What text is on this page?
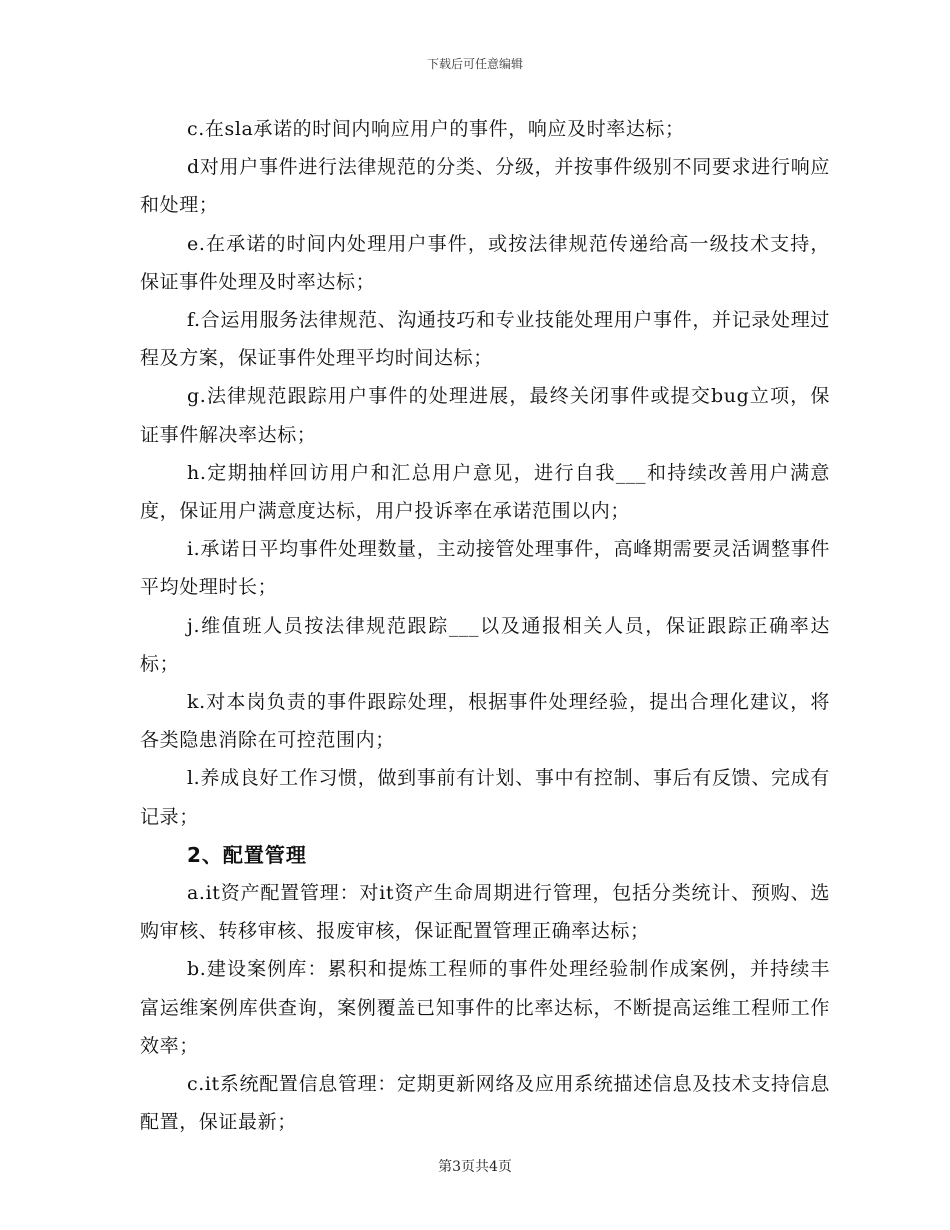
下载后可任意编辑

c.在sla承诺的时间内响应用户的事件，响应及时率达标；

d对用户事件进行法律规范的分类、分级，并按事件级别不同要求进行响应和处理；

e.在承诺的时间内处理用户事件，或按法律规范传递给高一级技术支持，保证事件处理及时率达标；

f.合运用服务法律规范、沟通技巧和专业技能处理用户事件，并记录处理过程及方案，保证事件处理平均时间达标；

g.法律规范跟踪用户事件的处理进展，最终关闭事件或提交bug立项，保证事件解决率达标；

h.定期抽样回访用户和汇总用户意见，进行自我___和持续改善用户满意度，保证用户满意度达标，用户投诉率在承诺范围以内；

i.承诺日平均事件处理数量，主动接管处理事件，高峰期需要灵活调整事件平均处理时长；

j.维值班人员按法律规范跟踪___以及通报相关人员，保证跟踪正确率达标；

k.对本岗负责的事件跟踪处理，根据事件处理经验，提出合理化建议，将各类隐患消除在可控范围内；

l.养成良好工作习惯，做到事前有计划、事中有控制、事后有反馈、完成有记录；

2、配置管理

a.it资产配置管理：对it资产生命周期进行管理，包括分类统计、预购、选购审核、转移审核、报废审核，保证配置管理正确率达标；

b.建设案例库：累积和提炼工程师的事件处理经验制作成案例，并持续丰富运维案例库供查询，案例覆盖已知事件的比率达标，不断提高运维工程师工作效率；

c.it系统配置信息管理：定期更新网络及应用系统描述信息及技术支持信息配置，保证最新；

第3页共4页
